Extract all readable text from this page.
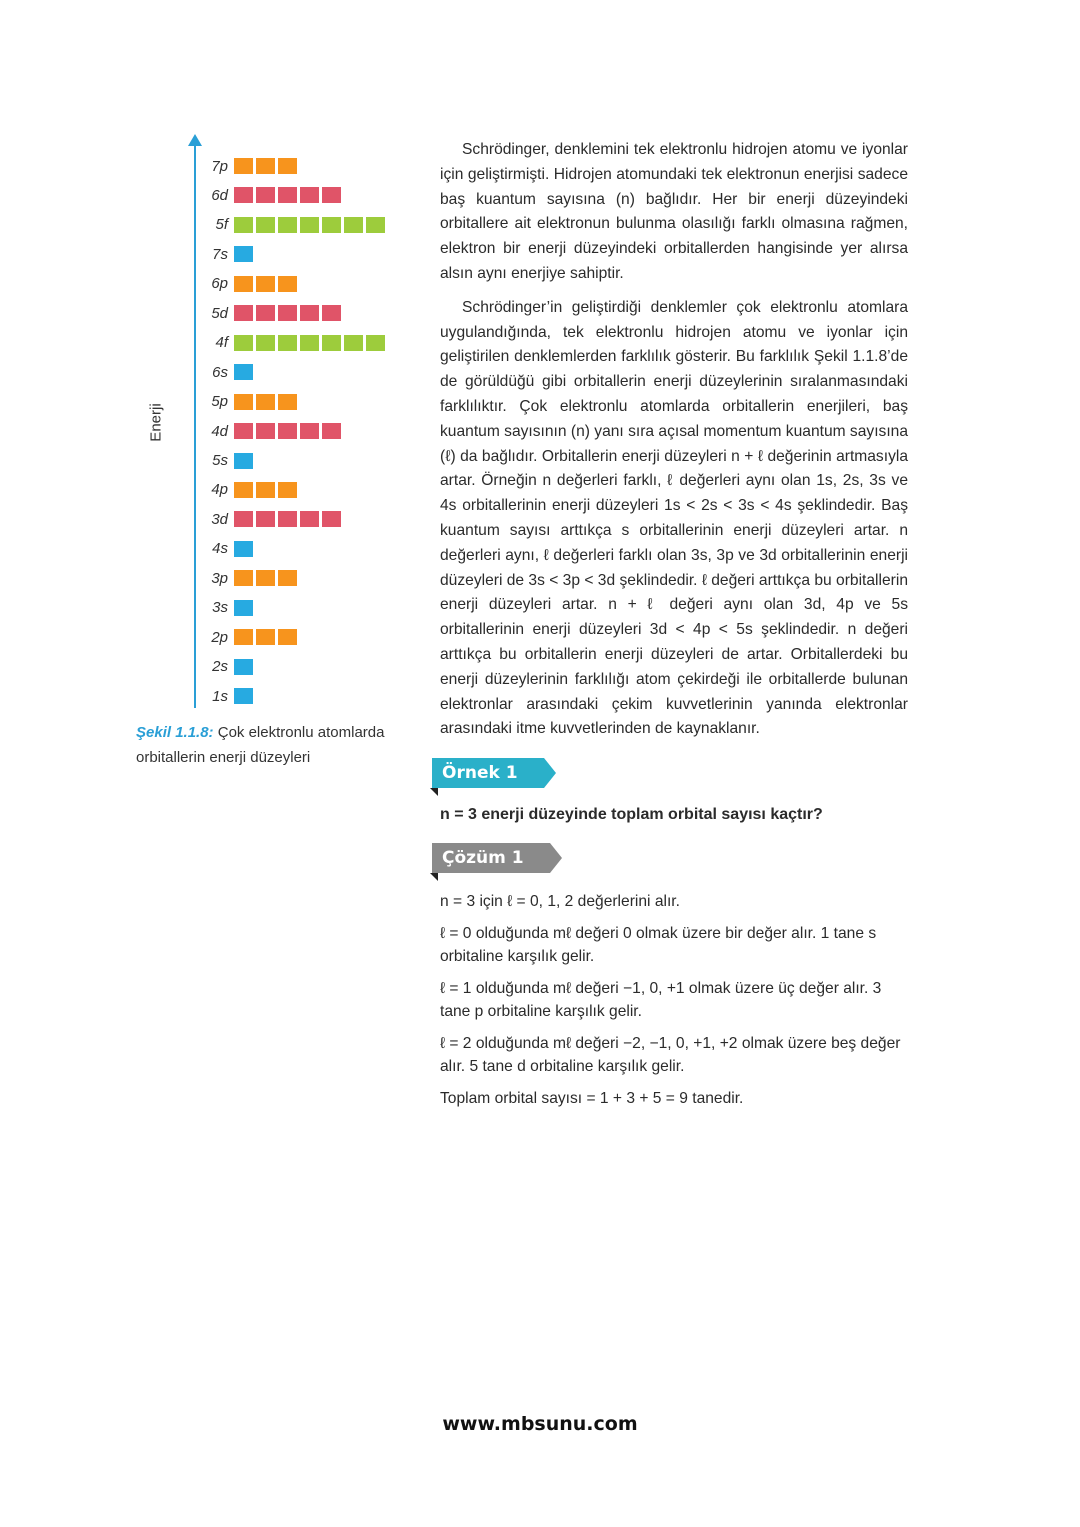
Enerji
7p
6d
5f
7s
6p
5d
4f
6s
5p
4d
5s
4p
3d
4s
3p
3s
2p
2s
1s
Şekil 1.1.8: Çok elektronlu atomlarda orbitallerin enerji düzeyleri

Schrödinger, denklemini tek elektronlu hidrojen atomu ve iyonlar için geliştirmişti. Hidrojen atomundaki tek elektronun enerjisi sadece baş kuantum sayısına (n) bağlıdır. Her bir enerji düzeyindeki orbitallere ait elektronun bulunma olasılığı farklı olmasına rağmen, elektron bir enerji düzeyindeki orbitallerden hangisinde yer alırsa alsın aynı enerjiye sahiptir.

Schrödinger’in geliştirdiği denklemler çok elektronlu atomlara uygulandığında, tek elektronlu hidrojen atomu ve iyonlar için geliştirilen denklemlerden farklılık gösterir. Bu farklılık Şekil 1.1.8’de de görüldüğü gibi orbitallerin enerji düzeylerinin sıralanmasındaki farklılıktır. Çok elektronlu atomlarda orbitallerin enerjileri, baş kuantum sayısının (n) yanı sıra açısal momentum kuantum sayısına (ℓ) da bağlıdır. Orbitallerin enerji düzeyleri n + ℓ değerinin artmasıyla artar. Örneğin n değerleri farklı, ℓ değerleri aynı olan 1s, 2s, 3s ve 4s orbitallerinin enerji düzeyleri 1s < 2s < 3s < 4s şeklindedir. Baş kuantum sayısı arttıkça s orbitallerinin enerji düzeyleri artar. n değerleri aynı, ℓ değerleri farklı olan 3s, 3p ve 3d orbitallerinin enerji düzeyleri de 3s < 3p < 3d şeklindedir. ℓ değeri arttıkça bu orbitallerin enerji düzeyleri artar. n + ℓ değeri aynı olan 3d, 4p ve 5s orbitallerinin enerji düzeyleri 3d < 4p < 5s şeklindedir. n değeri arttıkça bu orbitallerin enerji düzeyleri de artar. Orbitallerdeki bu enerji düzeylerinin farklılığı atom çekirdeği ile orbitallerde bulunan elektronlar arasındaki çekim kuvvetlerinin yanında elektronlar arasındaki itme kuvvetlerinden de kaynaklanır.

Örnek 1
n = 3 enerji düzeyinde toplam orbital sayısı kaçtır?
Çözüm 1

n = 3 için ℓ = 0, 1, 2 değerlerini alır.

ℓ = 0 olduğunda mℓ değeri 0 olmak üzere bir değer alır. 1 tane s orbitaline karşılık gelir.

ℓ = 1 olduğunda mℓ değeri −1, 0, +1 olmak üzere üç değer alır. 3 tane p orbitaline karşılık gelir.

ℓ = 2 olduğunda mℓ değeri −2, −1, 0, +1, +2 olmak üzere beş değer alır. 5 tane d orbitaline karşılık gelir.

Toplam orbital sayısı = 1 + 3 + 5 = 9 tanedir.

www.mbsunu.com
